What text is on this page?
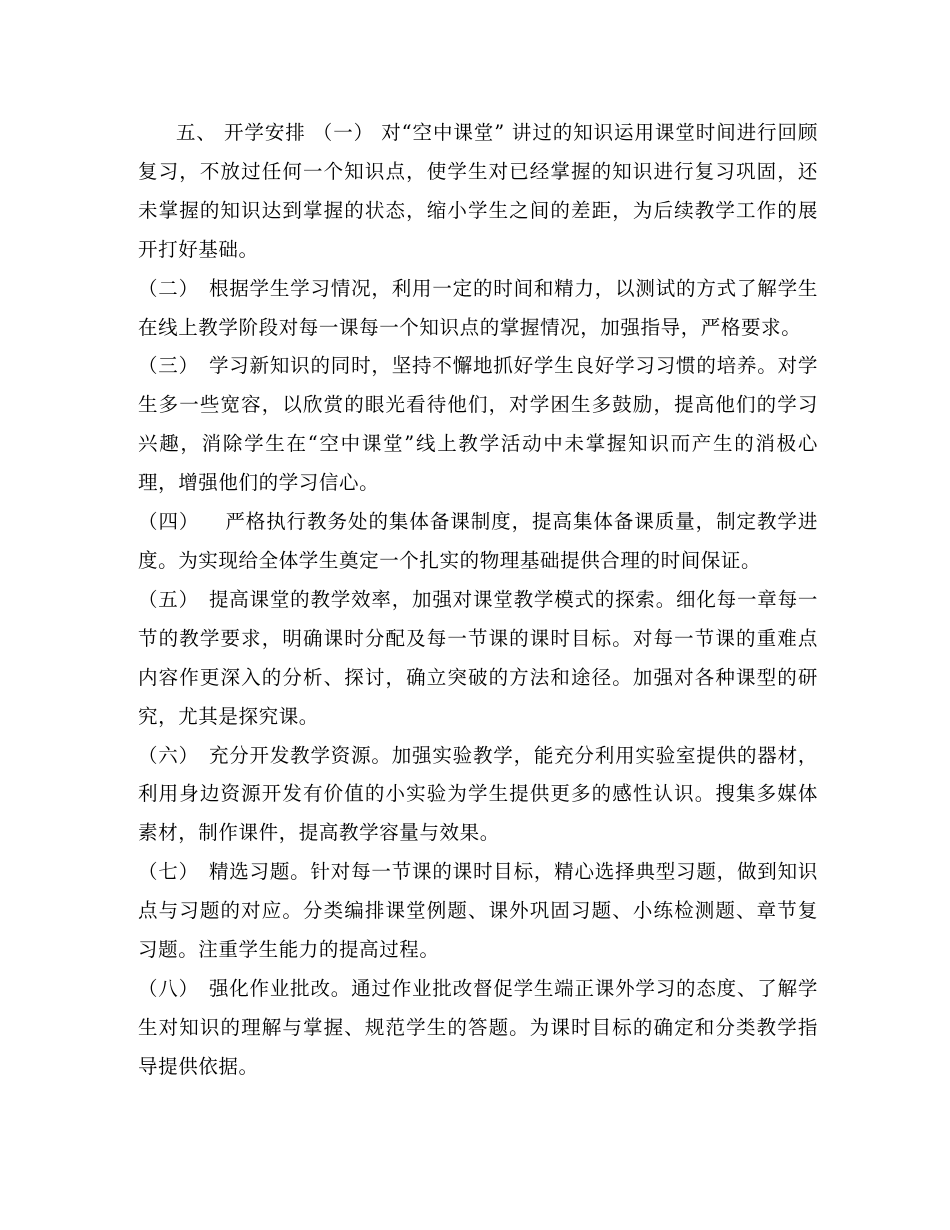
五、 开学安排 （一） 对“空中课堂” 讲过的知识运用课堂时间进行回顾复习，不放过任何一个知识点，使学生对已经掌握的知识进行复习巩固，还未掌握的知识达到掌握的状态，缩小学生之间的差距，为后续教学工作的展开打好基础。

（二） 根据学生学习情况，利用一定的时间和精力，以测试的方式了解学生在线上教学阶段对每一课每一个知识点的掌握情况，加强指导，严格要求。

（三） 学习新知识的同时，坚持不懈地抓好学生良好学习习惯的培养。对学生多一些宽容，以欣赏的眼光看待他们，对学困生多鼓励，提高他们的学习兴趣，消除学生在“空中课堂”线上教学活动中未掌握知识而产生的消极心理，增强他们的学习信心。

（四） 严格执行教务处的集体备课制度，提高集体备课质量，制定教学进度。为实现给全体学生奠定一个扎实的物理基础提供合理的时间保证。

（五） 提高课堂的教学效率，加强对课堂教学模式的探索。细化每一章每一节的教学要求，明确课时分配及每一节课的课时目标。对每一节课的重难点内容作更深入的分析、探讨，确立突破的方法和途径。加强对各种课型的研究，尤其是探究课。

（六） 充分开发教学资源。加强实验教学，能充分利用实验室提供的器材，利用身边资源开发有价值的小实验为学生提供更多的感性认识。搜集多媒体素材，制作课件，提高教学容量与效果。

（七） 精选习题。针对每一节课的课时目标，精心选择典型习题，做到知识点与习题的对应。分类编排课堂例题、课外巩固习题、小练检测题、章节复习题。注重学生能力的提高过程。

（八） 强化作业批改。通过作业批改督促学生端正课外学习的态度、了解学生对知识的理解与掌握、规范学生的答题。为课时目标的确定和分类教学指导提供依据。
